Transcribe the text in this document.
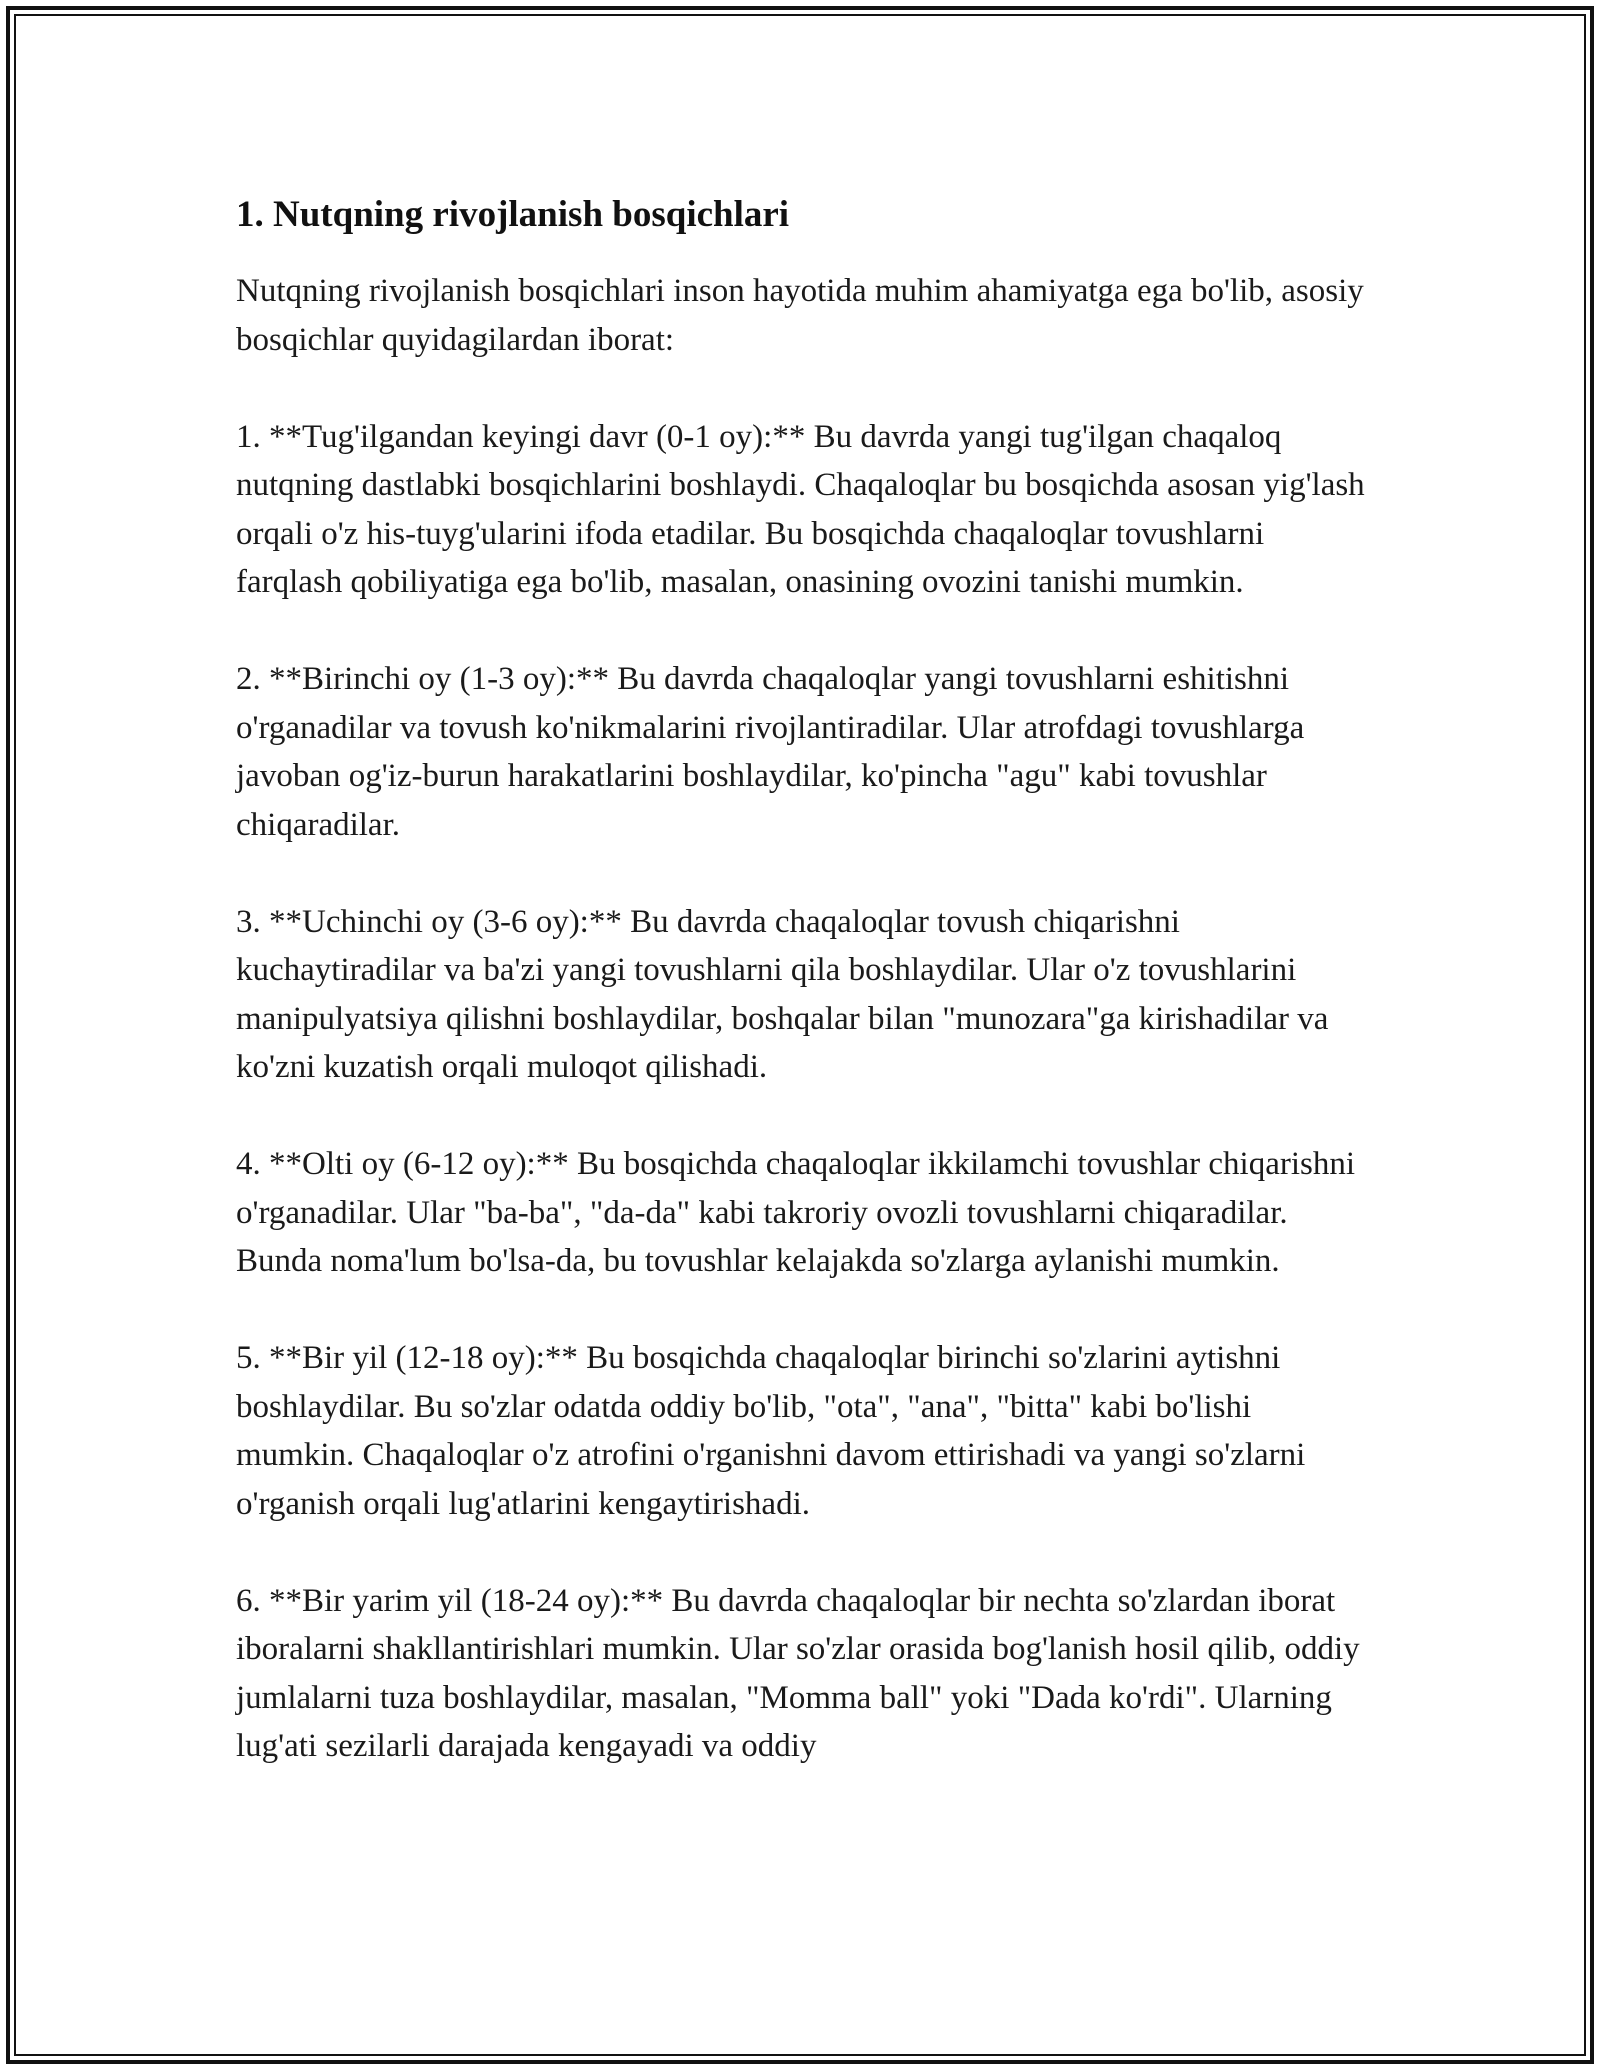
1. Nutqning rivojlanish bosqichlari

Nutqning rivojlanish bosqichlari inson hayotida muhim ahamiyatga ega bo'lib, asosiy bosqichlar quyidagilardan iborat:

1. **Tug'ilgandan keyingi davr (0-1 oy):** Bu davrda yangi tug'ilgan chaqaloq nutqning dastlabki bosqichlarini boshlaydi. Chaqaloqlar bu bosqichda asosan yig'lash orqali o'z his-tuyg'ularini ifoda etadilar. Bu bosqichda chaqaloqlar tovushlarni farqlash qobiliyatiga ega bo'lib, masalan, onasining ovozini tanishi mumkin.

2. **Birinchi oy (1-3 oy):** Bu davrda chaqaloqlar yangi tovushlarni eshitishni o'rganadilar va tovush ko'nikmalarini rivojlantiradilar. Ular atrofdagi tovushlarga javoban og'iz-burun harakatlarini boshlaydilar, ko'pincha "agu" kabi tovushlar chiqaradilar.

3. **Uchinchi oy (3-6 oy):** Bu davrda chaqaloqlar tovush chiqarishni kuchaytiradilar va ba'zi yangi tovushlarni qila boshlaydilar. Ular o'z tovushlarini manipulyatsiya qilishni boshlaydilar, boshqalar bilan "munozara"ga kirishadilar va ko'zni kuzatish orqali muloqot qilishadi.

4. **Olti oy (6-12 oy):** Bu bosqichda chaqaloqlar ikkilamchi tovushlar chiqarishni o'rganadilar. Ular "ba-ba", "da-da" kabi takroriy ovozli tovushlarni chiqaradilar. Bunda noma'lum bo'lsa-da, bu tovushlar kelajakda so'zlarga aylanishi mumkin.

5. **Bir yil (12-18 oy):** Bu bosqichda chaqaloqlar birinchi so'zlarini aytishni boshlaydilar. Bu so'zlar odatda oddiy bo'lib, "ota", "ana", "bitta" kabi bo'lishi mumkin. Chaqaloqlar o'z atrofini o'rganishni davom ettirishadi va yangi so'zlarni o'rganish orqali lug'atlarini kengaytirishadi.

6. **Bir yarim yil (18-24 oy):** Bu davrda chaqaloqlar bir nechta so'zlardan iborat iboralarni shakllantirishlari mumkin. Ular so'zlar orasida bog'lanish hosil qilib, oddiy jumlalarni tuza boshlaydilar, masalan, "Momma ball" yoki "Dada ko'rdi". Ularning lug'ati sezilarli darajada kengayadi va oddiy
